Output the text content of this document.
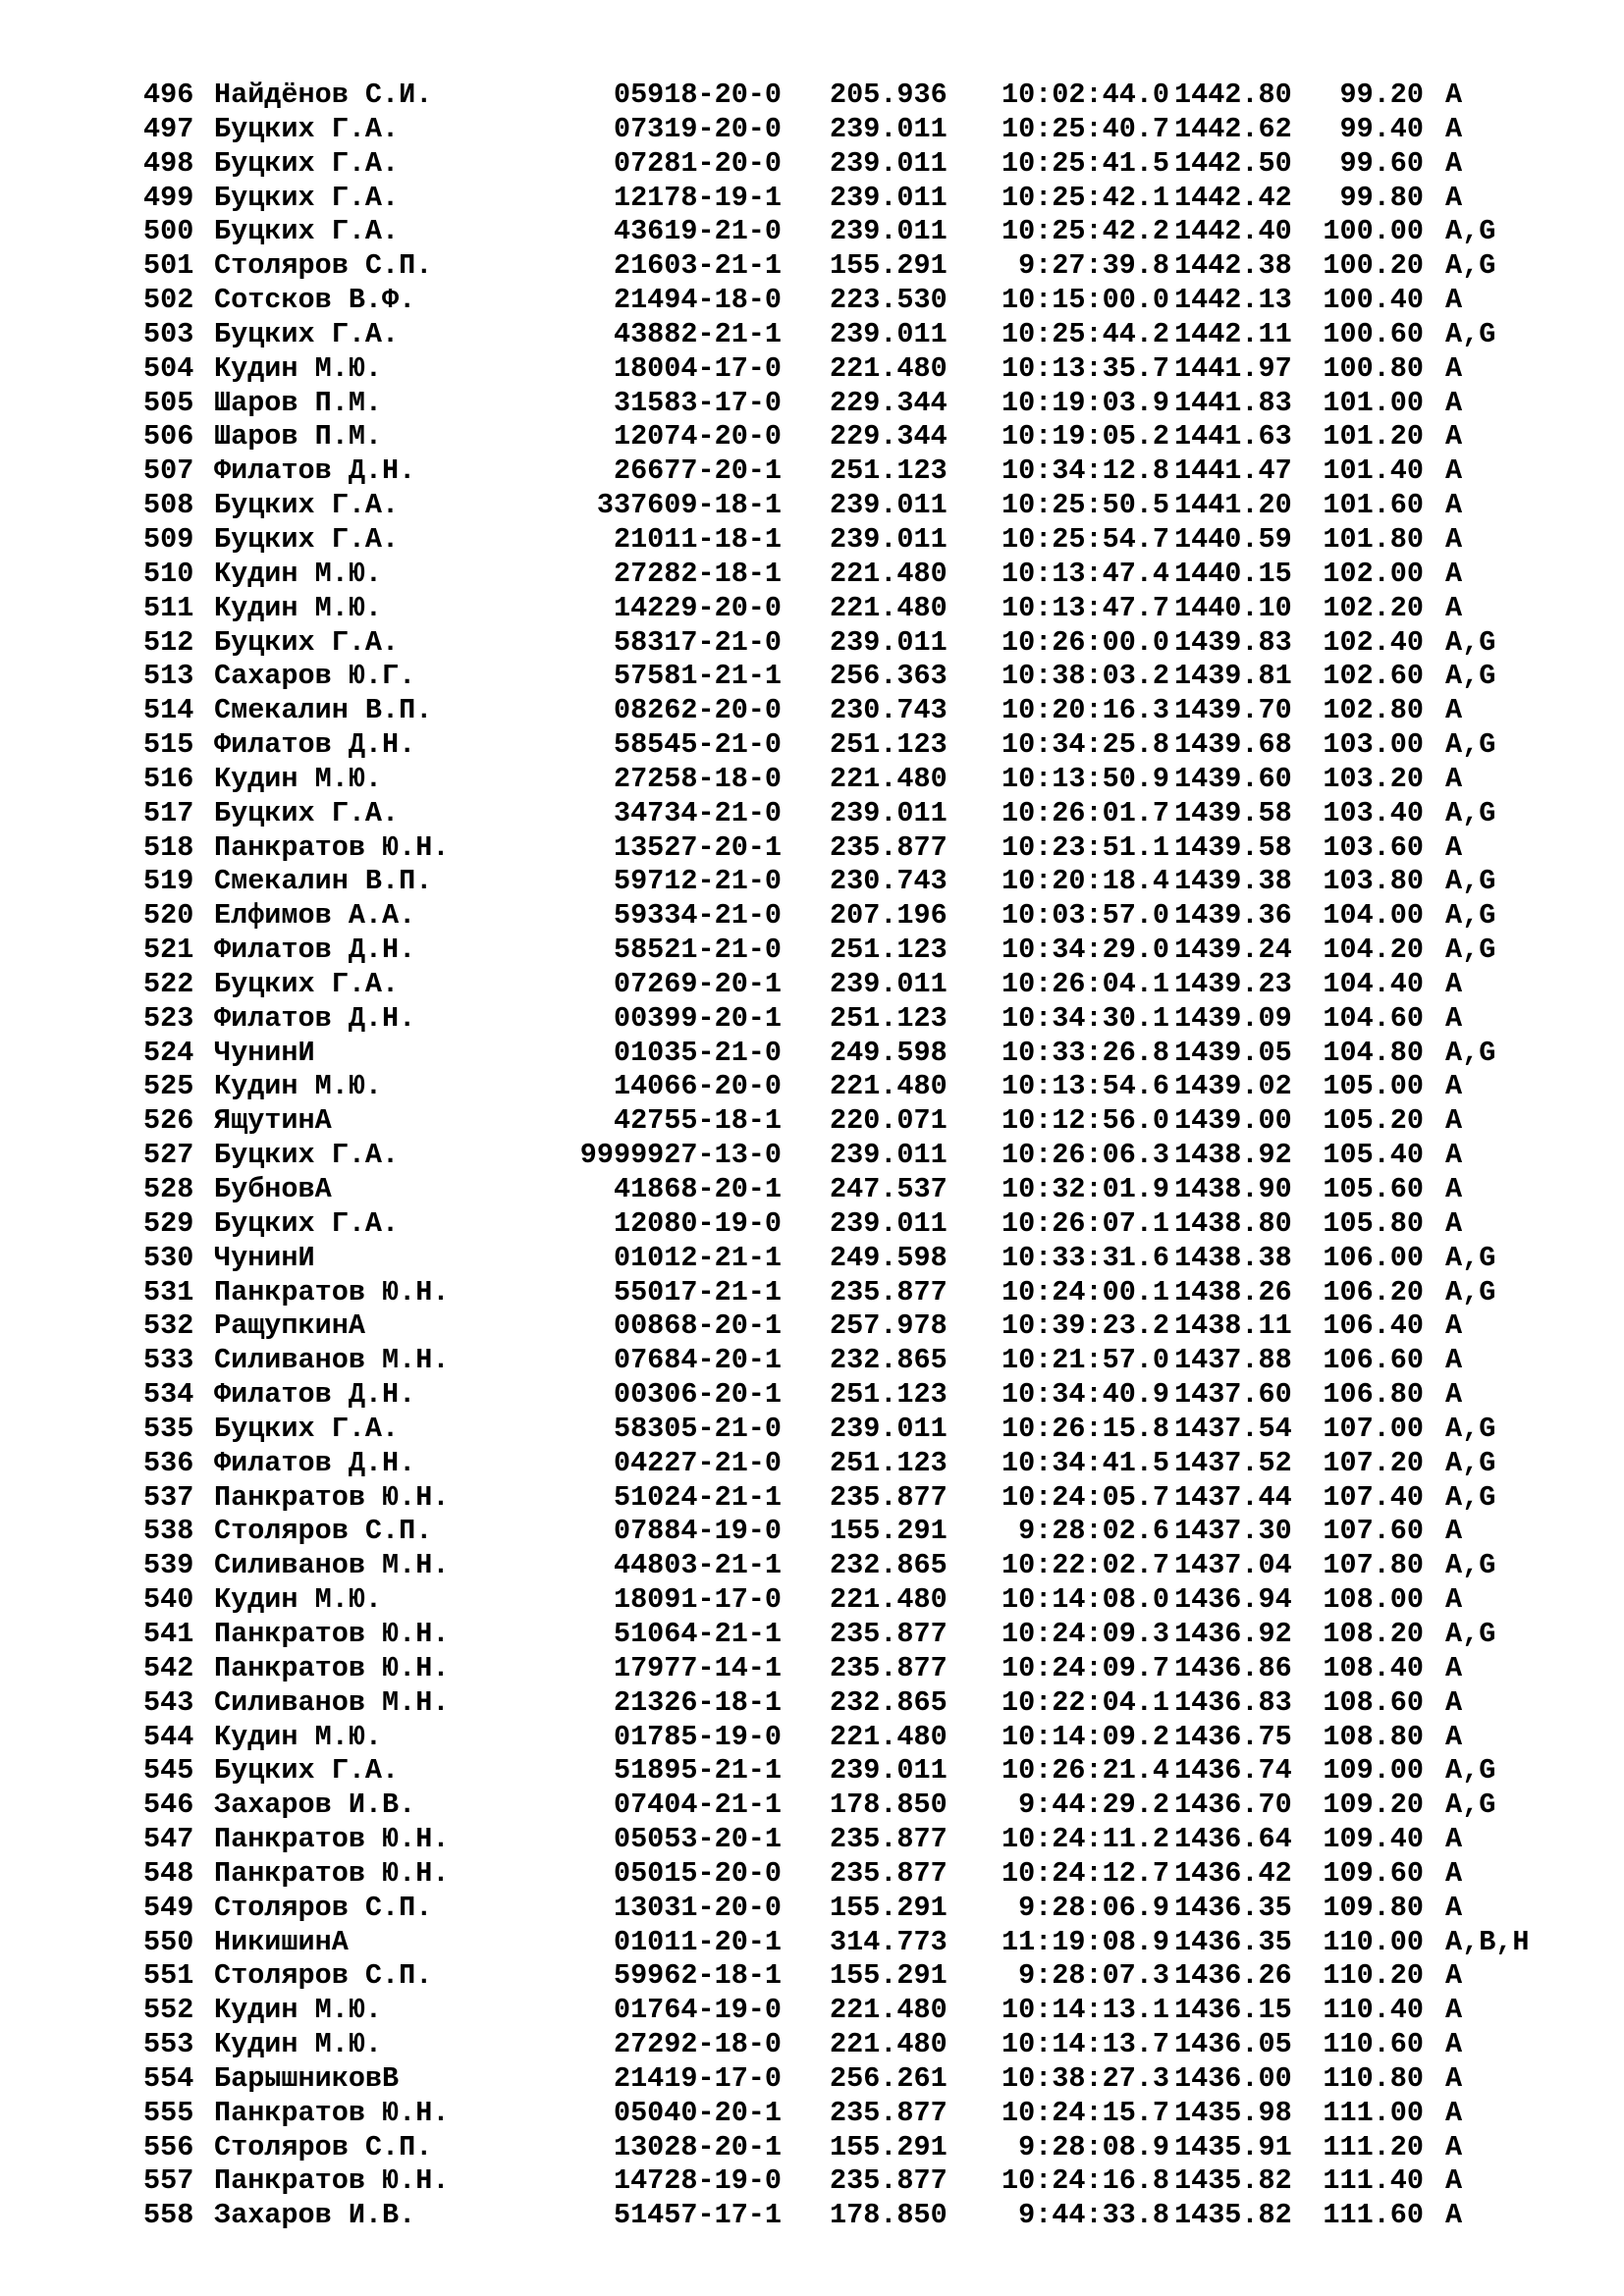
496 Найдёнов С.И.	05918-20-0 205.936	10:02:44.0 1442.80	99.20 A
497 Буцких Г.А.	07319-20-0 239.011	10:25:40.7 1442.62	99.40 A
498 Буцких Г.А.	07281-20-0 239.011	10:25:41.5 1442.50	99.60 A
499 Буцких Г.А.	12178-19-1 239.011	10:25:42.1 1442.42	99.80 A
500 Буцких Г.А.	43619-21-0 239.011	10:25:42.2 1442.40 100.00 A,G
501 Столяров С.П.	21603-21-1 155.291	9:27:39.8 1442.38 100.20 A,G
502 Сотсков В.Ф.	21494-18-0 223.530	10:15:00.0 1442.13 100.40 A
503 Буцких Г.А.	43882-21-1 239.011	10:25:44.2 1442.11 100.60 A,G
504 Кудин М.Ю.	18004-17-0 221.480	10:13:35.7 1441.97 100.80 A
505 Шаров П.М.	31583-17-0 229.344	10:19:03.9 1441.83 101.00 A
506 Шаров П.М.	12074-20-0 229.344	10:19:05.2 1441.63 101.20 A
507 Филатов Д.Н.	26677-20-1 251.123	10:34:12.8 1441.47 101.40 A
508 Буцких Г.А.	337609-18-1 239.011	10:25:50.5 1441.20 101.60 A
509 Буцких Г.А.	21011-18-1 239.011	10:25:54.7 1440.59 101.80 A
510 Кудин М.Ю.	27282-18-1 221.480	10:13:47.4 1440.15 102.00 A
511 Кудин М.Ю.	14229-20-0 221.480	10:13:47.7 1440.10 102.20 A
512 Буцких Г.А.	58317-21-0 239.011	10:26:00.0 1439.83 102.40 A,G
513 Сахаров Ю.Г.	57581-21-1 256.363	10:38:03.2 1439.81 102.60 A,G
514 Смекалин В.П.	08262-20-0 230.743	10:20:16.3 1439.70 102.80 A
515 Филатов Д.Н.	58545-21-0 251.123	10:34:25.8 1439.68 103.00 A,G
516 Кудин М.Ю.	27258-18-0 221.480	10:13:50.9 1439.60 103.20 A
517 Буцких Г.А.	34734-21-0 239.011	10:26:01.7 1439.58 103.40 A,G
518 Панкратов Ю.Н.	13527-20-1 235.877	10:23:51.1 1439.58 103.60 A
519 Смекалин В.П.	59712-21-0 230.743	10:20:18.4 1439.38 103.80 A,G
520 Елфимов А.А.	59334-21-0 207.196	10:03:57.0 1439.36 104.00 A,G
521 Филатов Д.Н.	58521-21-0 251.123	10:34:29.0 1439.24 104.20 A,G
522 Буцких Г.А.	07269-20-1 239.011	10:26:04.1 1439.23 104.40 A
523 Филатов Д.Н.	00399-20-1 251.123	10:34:30.1 1439.09 104.60 A
524 ЧунинИ	01035-21-0 249.598	10:33:26.8 1439.05 104.80 A,G
525 Кудин М.Ю.	14066-20-0 221.480	10:13:54.6 1439.02 105.00 A
526 ЯщутинА	42755-18-1 220.071	10:12:56.0 1439.00 105.20 A
527 Буцких Г.А.	9999927-13-0 239.011	10:26:06.3 1438.92 105.40 A
528 БубновА	41868-20-1 247.537	10:32:01.9 1438.90 105.60 A
529 Буцких Г.А.	12080-19-0 239.011	10:26:07.1 1438.80 105.80 A
530 ЧунинИ	01012-21-1 249.598	10:33:31.6 1438.38 106.00 A,G
531 Панкратов Ю.Н.	55017-21-1 235.877	10:24:00.1 1438.26 106.20 A,G
532 РащупкинА	00868-20-1 257.978	10:39:23.2 1438.11 106.40 A
533 Силиванов М.Н.	07684-20-1 232.865	10:21:57.0 1437.88 106.60 A
534 Филатов Д.Н.	00306-20-1 251.123	10:34:40.9 1437.60 106.80 A
535 Буцких Г.А.	58305-21-0 239.011	10:26:15.8 1437.54 107.00 A,G
536 Филатов Д.Н.	04227-21-0 251.123	10:34:41.5 1437.52 107.20 A,G
537 Панкратов Ю.Н.	51024-21-1 235.877	10:24:05.7 1437.44 107.40 A,G
538 Столяров С.П.	07884-19-0 155.291	9:28:02.6 1437.30 107.60 A
539 Силиванов М.Н.	44803-21-1 232.865	10:22:02.7 1437.04 107.80 A,G
540 Кудин М.Ю.	18091-17-0 221.480	10:14:08.0 1436.94 108.00 A
541 Панкратов Ю.Н.	51064-21-1 235.877	10:24:09.3 1436.92 108.20 A,G
542 Панкратов Ю.Н.	17977-14-1 235.877	10:24:09.7 1436.86 108.40 A
543 Силиванов М.Н.	21326-18-1 232.865	10:22:04.1 1436.83 108.60 A
544 Кудин М.Ю.	01785-19-0 221.480	10:14:09.2 1436.75 108.80 A
545 Буцких Г.А.	51895-21-1 239.011	10:26:21.4 1436.74 109.00 A,G
546 Захаров И.В.	07404-21-1 178.850	9:44:29.2 1436.70 109.20 A,G
547 Панкратов Ю.Н.	05053-20-1 235.877	10:24:11.2 1436.64 109.40 A
548 Панкратов Ю.Н.	05015-20-0 235.877	10:24:12.7 1436.42 109.60 A
549 Столяров С.П.	13031-20-0 155.291	9:28:06.9 1436.35 109.80 A
550 НикишинА	01011-20-1 314.773	11:19:08.9 1436.35 110.00 A,B,H
551 Столяров С.П.	59962-18-1 155.291	9:28:07.3 1436.26 110.20 A
552 Кудин М.Ю.	01764-19-0 221.480	10:14:13.1 1436.15 110.40 A
553 Кудин М.Ю.	27292-18-0 221.480	10:14:13.7 1436.05 110.60 A
554 БарышниковВ	21419-17-0 256.261	10:38:27.3 1436.00 110.80 A
555 Панкратов Ю.Н.	05040-20-1 235.877	10:24:15.7 1435.98 111.00 A
556 Столяров С.П.	13028-20-1 155.291	9:28:08.9 1435.91 111.20 A
557 Панкратов Ю.Н.	14728-19-0 235.877	10:24:16.8 1435.82 111.40 A
558 Захаров И.В.	51457-17-1 178.850	9:44:33.8 1435.82 111.60 A
